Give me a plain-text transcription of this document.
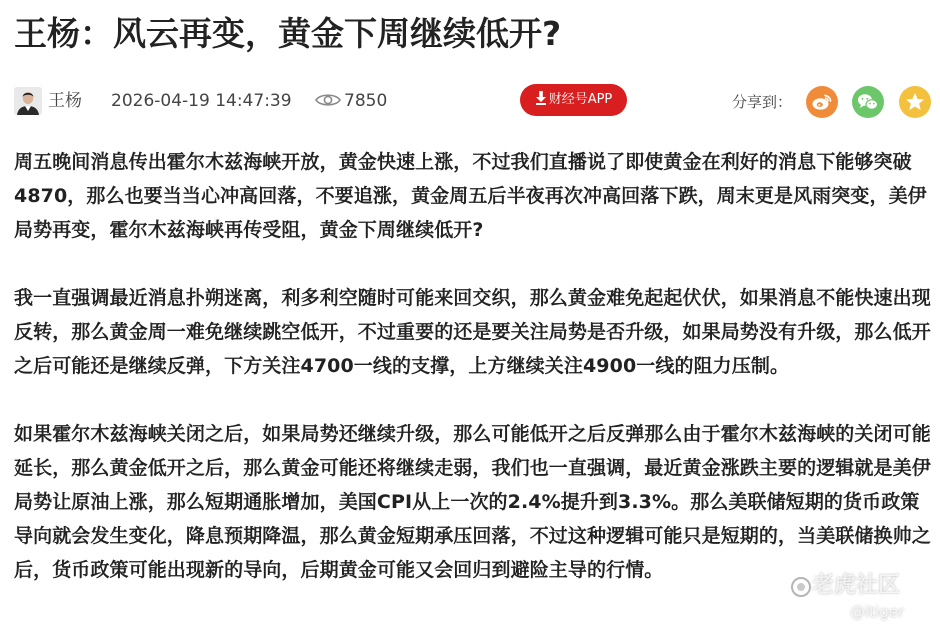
王杨：风云再变，黄金下周继续低开?
王杨 2026-04-19 14:47:39	7850	财经号APP	分享到：

周五晚间消息传出霍尔木兹海峡开放，黄金快速上涨，不过我们直播说了即使黄金在利好的消息下能够突破4870，那么也要当当心冲高回落，不要追涨，黄金周五后半夜再次冲高回落下跌，周末更是风雨突变，美伊局势再变，霍尔木兹海峡再传受阻，黄金下周继续低开?

我一直强调最近消息扑朔迷离，利多利空随时可能来回交织，那么黄金难免起起伏伏，如果消息不能快速出现反转，那么黄金周一难免继续跳空低开，不过重要的还是要关注局势是否升级，如果局势没有升级，那么低开之后可能还是继续反弹，下方关注4700一线的支撑，上方继续关注4900一线的阻力压制。

如果霍尔木兹海峡关闭之后，如果局势还继续升级，那么可能低开之后反弹那么由于霍尔木兹海峡的关闭可能延长，那么黄金低开之后，那么黄金可能还将继续走弱，我们也一直强调，最近黄金涨跌主要的逻辑就是美伊局势让原油上涨，那么短期通胀增加，美国CPI从上一次的2.4%提升到3.3%。那么美联储短期的货币政策导向就会发生变化，降息预期降温，那么黄金短期承压回落，不过这种逻辑可能只是短期的，当美联储换帅之后，货币政策可能出现新的导向，后期黄金可能又会回归到避险主导的行情。

老虎社区
@itiger
